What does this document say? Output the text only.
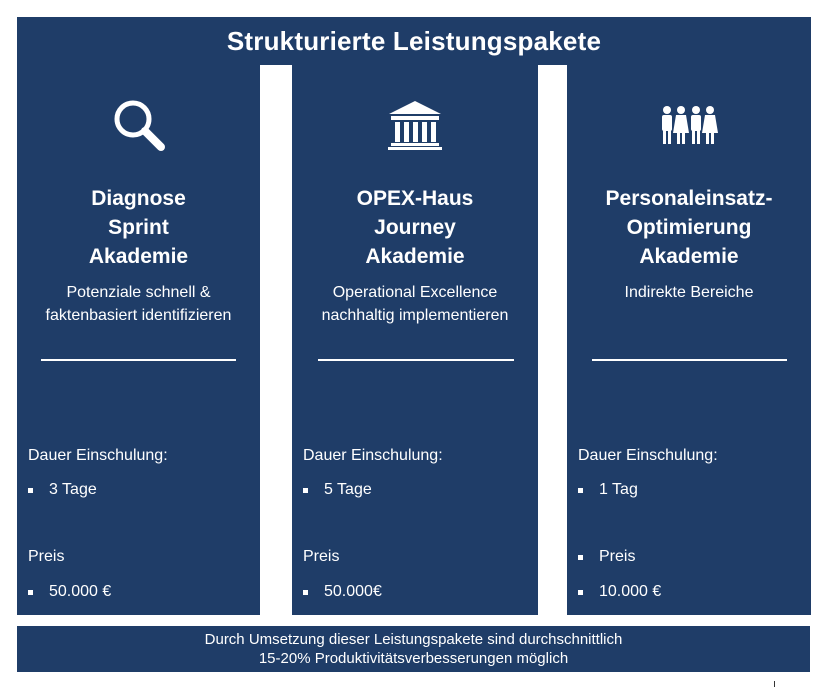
Diagnose
Sprint
Akademie
Potenziale schnell &
faktenbasiert identifizieren
Dauer Einschulung:
3 Tage
Preis
50.000 €
OPEX-Haus
Journey
Akademie
Operational Excellence
nachhaltig implementieren
Dauer Einschulung:
5 Tage
Preis
50.000€
Personaleinsatz-
Optimierung
Akademie
Indirekte Bereiche
Dauer Einschulung:
1 Tag
Preis
10.000 €
Strukturierte Leistungspakete
Durch Umsetzung dieser Leistungspakete sind durchschnittlich
15-20% Produktivitätsverbesserungen möglich
